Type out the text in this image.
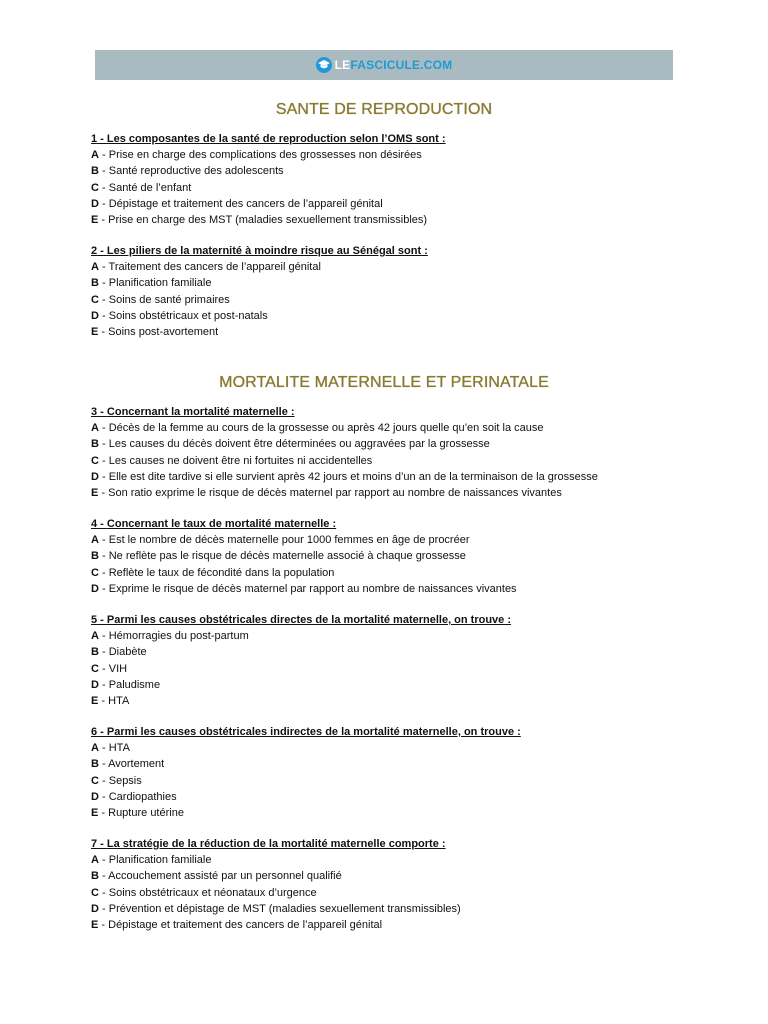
LEFASCICULE.COM
SANTE DE REPRODUCTION
1 - Les composantes de la santé de reproduction selon l’OMS sont :
A - Prise en charge des complications des grossesses non désirées
B - Santé reproductive des adolescents
C - Santé de l’enfant
D - Dépistage et traitement des cancers de l’appareil génital
E - Prise en charge des MST (maladies sexuellement transmissibles)
2 - Les piliers de la maternité à moindre risque au Sénégal sont :
A - Traitement des cancers de l’appareil génital
B - Planification familiale
C - Soins de santé primaires
D - Soins obstétricaux et post-natals
E - Soins post-avortement
MORTALITE MATERNELLE ET PERINATALE
3 - Concernant la mortalité maternelle :
A - Décès de la femme au cours de la grossesse ou après 42 jours quelle qu’en soit la cause
B - Les causes du décès doivent être déterminées ou aggravées par la grossesse
C - Les causes ne doivent être ni fortuites ni accidentelles
D - Elle est dite tardive si elle survient après 42 jours et moins d’un an de la terminaison de la grossesse
E - Son ratio exprime le risque de décès maternel par rapport au nombre de naissances vivantes
4 - Concernant le taux de mortalité maternelle :
A - Est le nombre de décès maternelle pour 1000 femmes en âge de procréer
B - Ne reflète pas le risque de décès maternelle associé à chaque grossesse
C - Reflète le taux de fécondité dans la population
D - Exprime le risque de décès maternel par rapport au nombre de naissances vivantes
5 - Parmi les causes obstétricales directes de la mortalité maternelle, on trouve :
A - Hémorragies du post-partum
B - Diabète
C - VIH
D - Paludisme
E - HTA
6 - Parmi les causes obstétricales indirectes de la mortalité maternelle, on trouve :
A - HTA
B - Avortement
C - Sepsis
D - Cardiopathies
E - Rupture utérine
7 - La stratégie de la réduction de la mortalité maternelle comporte :
A - Planification familiale
B - Accouchement assisté par un personnel qualifié
C - Soins obstétricaux et néonataux d’urgence
D - Prévention et dépistage de MST (maladies sexuellement transmissibles)
E - Dépistage et traitement des cancers de l’appareil génital
